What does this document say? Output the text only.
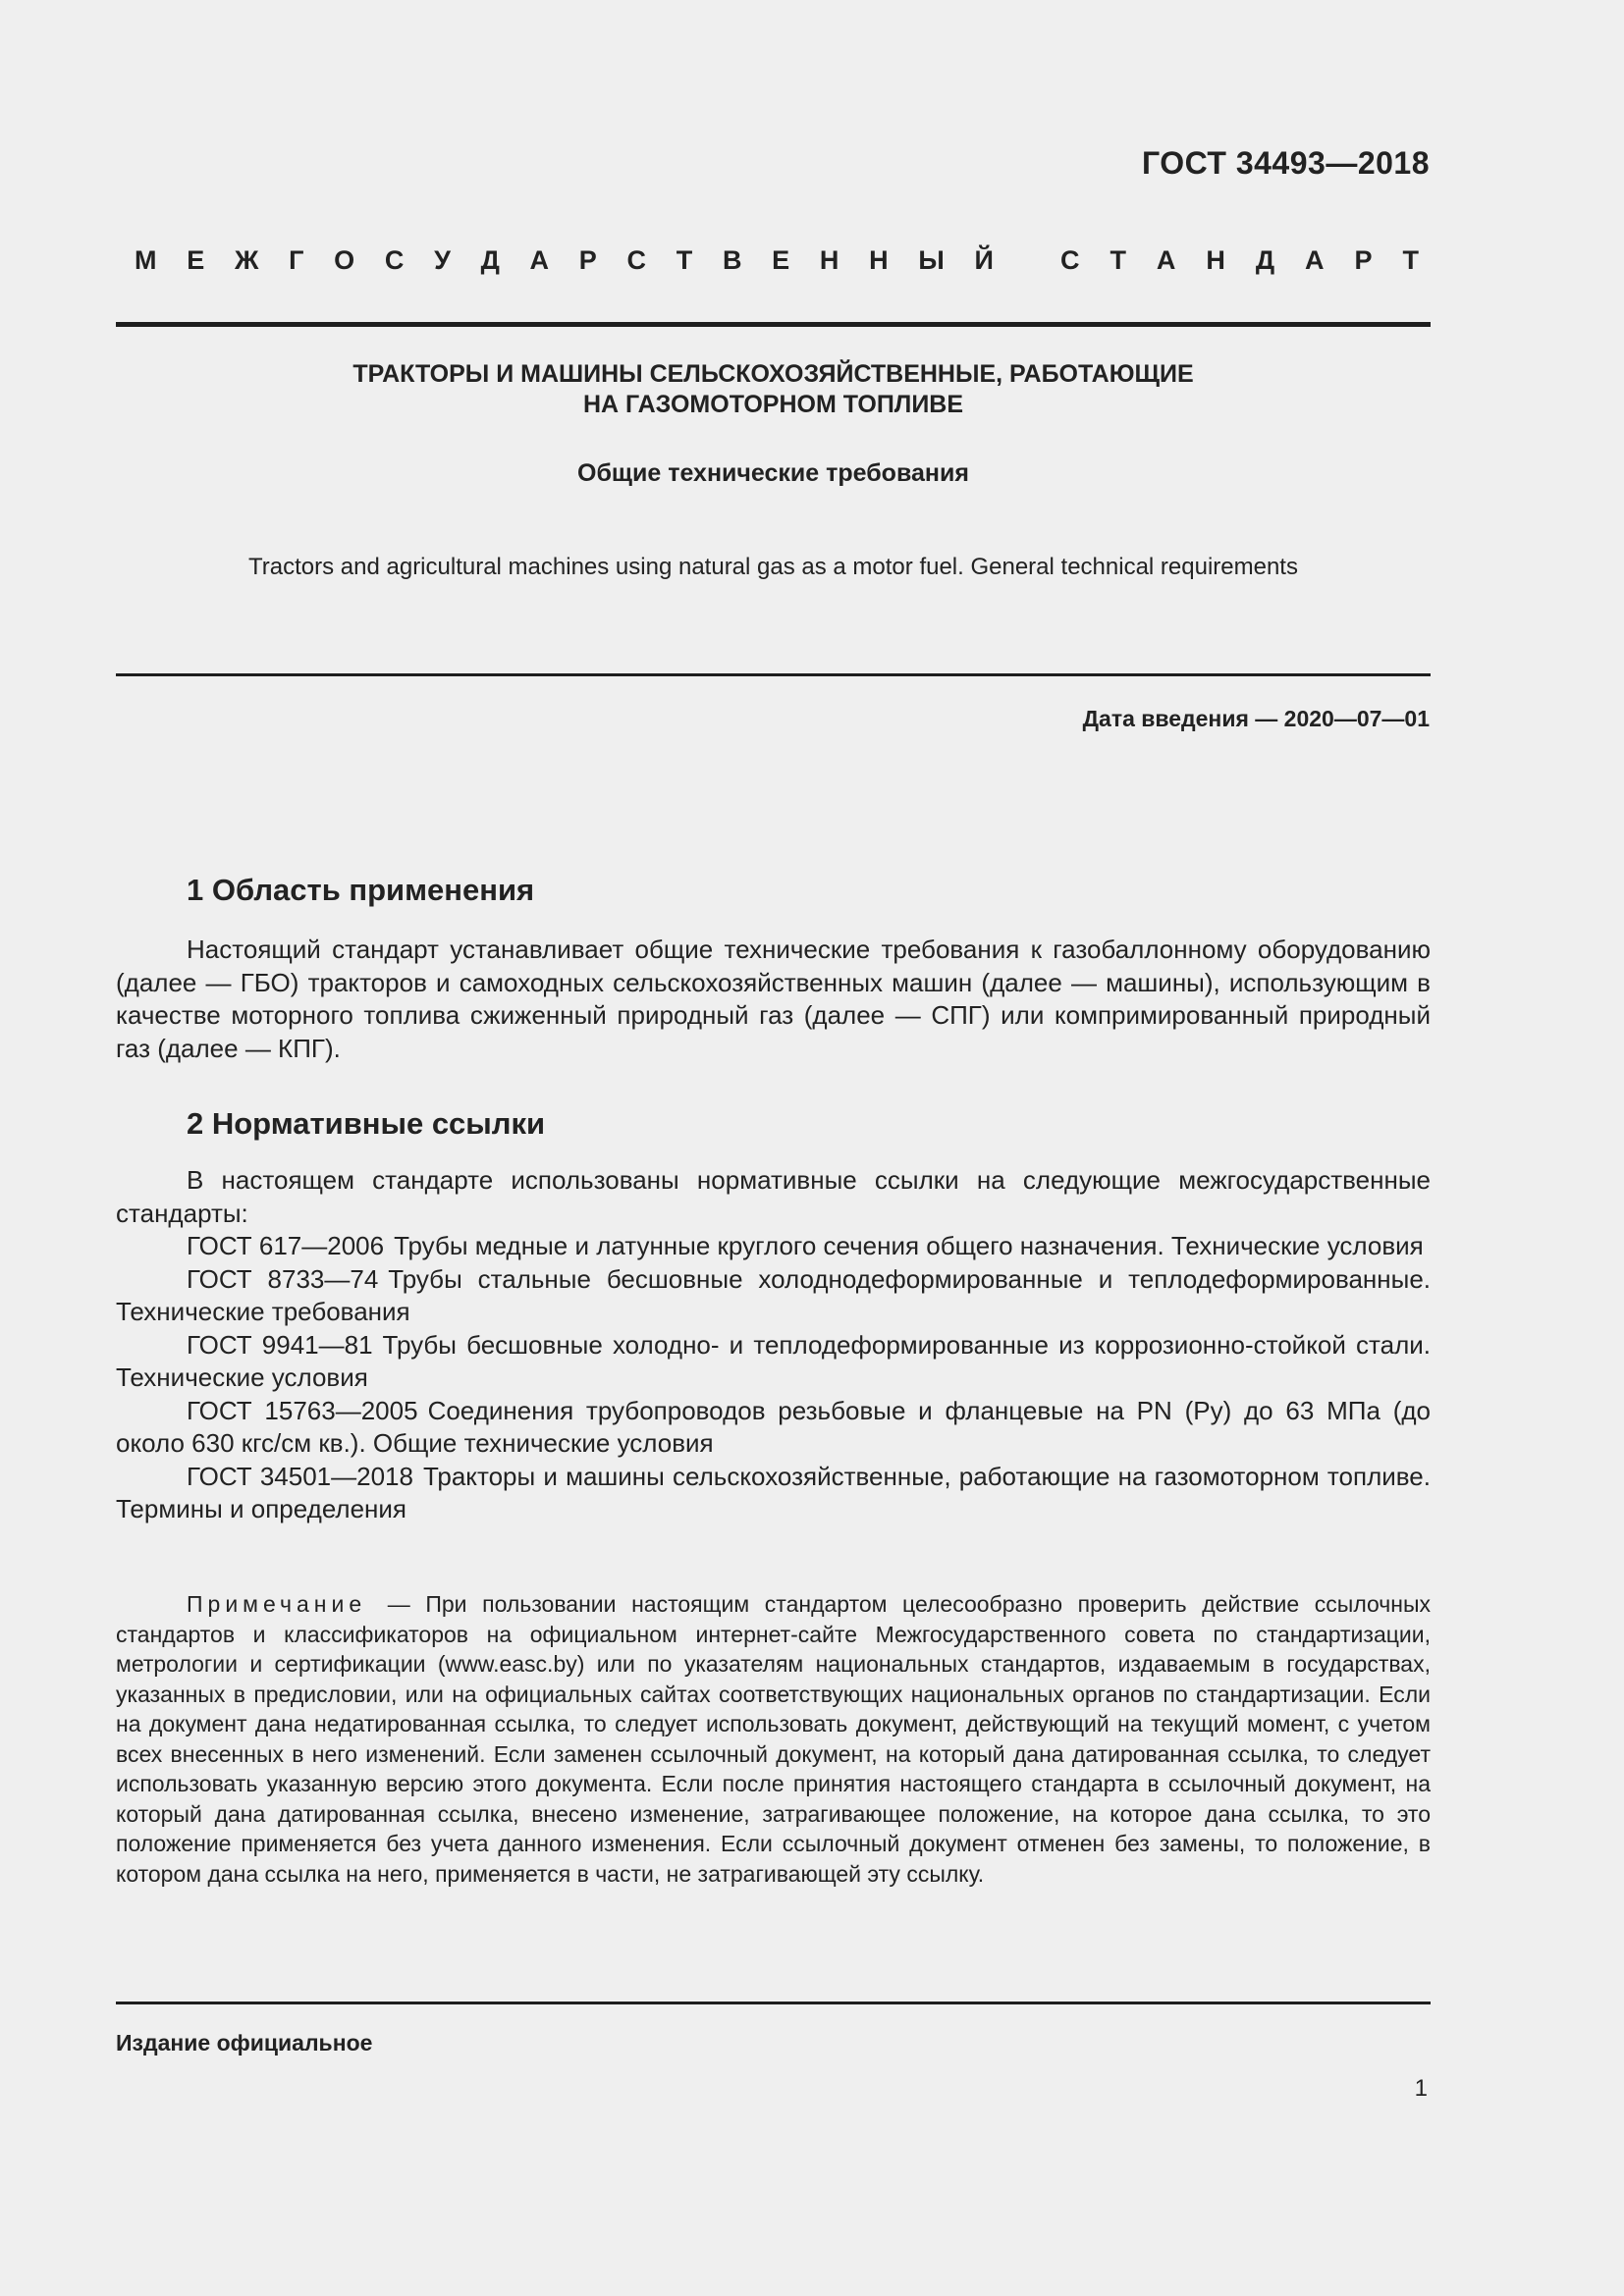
ГОСТ 34493—2018
М Е Ж Г О С У Д А Р С Т В Е Н Н Ы Й	С Т А Н Д А Р Т
ТРАКТОРЫ И МАШИНЫ СЕЛЬСКОХОЗЯЙСТВЕННЫЕ, РАБОТАЮЩИЕ
НА ГАЗОМОТОРНОМ ТОПЛИВЕ
Общие технические требования
Tractors and agricultural machines using natural gas as a motor fuel. General technical requirements
Дата введения — 2020—07—01
1 Область применения
Настоящий стандарт устанавливает общие технические требования к газобаллонному оборудованию (далее — ГБО) тракторов и самоходных сельскохозяйственных машин (далее — машины), использующим в качестве моторного топлива сжиженный природный газ (далее — СПГ) или компримированный природный газ (далее — КПГ).
2 Нормативные ссылки
В настоящем стандарте использованы нормативные ссылки на следующие межгосударственные стандарты:
ГОСТ 617—2006 Трубы медные и латунные круглого сечения общего назначения. Технические условия
ГОСТ 8733—74 Трубы стальные бесшовные холоднодеформированные и теплодеформированные. Технические требования
ГОСТ 9941—81 Трубы бесшовные холодно- и теплодеформированные из коррозионно-стойкой стали. Технические условия
ГОСТ 15763—2005 Соединения трубопроводов резьбовые и фланцевые на PN (Ру) до 63 МПа (до около 630 кгс/см кв.). Общие технические условия
ГОСТ 34501—2018 Тракторы и машины сельскохозяйственные, работающие на газомоторном топливе. Термины и определения
Примечание — При пользовании настоящим стандартом целесообразно проверить действие ссылочных стандартов и классификаторов на официальном интернет-сайте Межгосударственного совета по стандартизации, метрологии и сертификации (www.easc.by) или по указателям национальных стандартов, издаваемым в государствах, указанных в предисловии, или на официальных сайтах соответствующих национальных органов по стандартизации. Если на документ дана недатированная ссылка, то следует использовать документ, действующий на текущий момент, с учетом всех внесенных в него изменений. Если заменен ссылочный документ, на который дана датированная ссылка, то следует использовать указанную версию этого документа. Если после принятия настоящего стандарта в ссылочный документ, на который дана датированная ссылка, внесено изменение, затрагивающее положение, на которое дана ссылка, то это положение применяется без учета данного изменения. Если ссылочный документ отменен без замены, то положение, в котором дана ссылка на него, применяется в части, не затрагивающей эту ссылку.
Издание официальное
1
